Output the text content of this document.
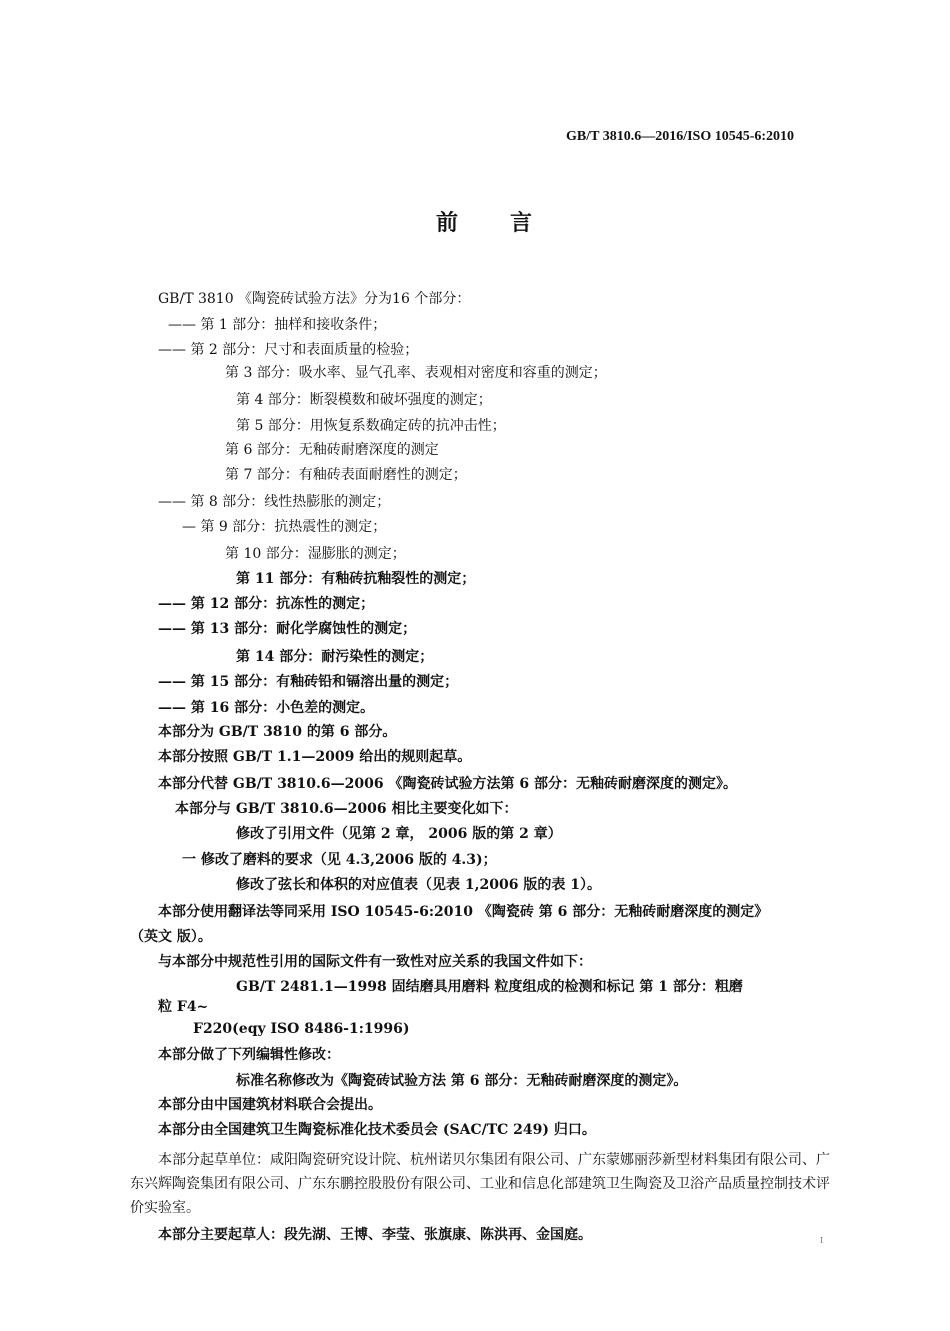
GB/T 3810.6—2016/ISO 10545-6:2010
前言
GB/T 3810 《陶瓷砖试验方法》分为16 个部分：
—— 第 1 部分：抽样和接收条件；
—— 第 2 部分：尺寸和表面质量的检验；
第 3 部分：吸水率、显气孔率、表观相对密度和容重的测定；
第 4 部分：断裂模数和破坏强度的测定；
第 5 部分：用恢复系数确定砖的抗冲击性；
第 6 部分：无釉砖耐磨深度的测定
第 7 部分：有釉砖表面耐磨性的测定；
—— 第 8 部分：线性热膨胀的测定；
— 第 9 部分：抗热震性的测定；
第 10 部分：湿膨胀的测定；
第 11 部分：有釉砖抗釉裂性的测定；
—— 第 12 部分：抗冻性的测定；
—— 第 13 部分：耐化学腐蚀性的测定；
第 14 部分：耐污染性的测定；
—— 第 15 部分：有釉砖铅和镉溶出量的测定；
—— 第 16 部分：小色差的测定。
本部分为 GB/T 3810 的第 6 部分。
本部分按照 GB/T 1.1—2009 给出的规则起草。
本部分代替 GB/T 3810.6—2006 《陶瓷砖试验方法第 6 部分：无釉砖耐磨深度的测定》。
本部分与 GB/T 3810.6—2006 相比主要变化如下：
修改了引用文件（见第 2 章， 2006 版的第 2 章）
一 修改了磨料的要求（见 4.3,2006 版的 4.3)；
修改了弦长和体积的对应值表（见表 1,2006 版的表 1）。
本部分使用翻译法等同采用 ISO 10545-6:2010 《陶瓷砖 第 6 部分：无釉砖耐磨深度的测定》
（英文 版）。
与本部分中规范性引用的国际文件有一致性对应关系的我国文件如下：
GB/T 2481.1—1998 固结磨具用磨料 粒度组成的检测和标记 第 1 部分：粗磨
粒 F4~
F220(eqy ISO 8486-1:1996)
本部分做了下列编辑性修改：
标准名称修改为《陶瓷砖试验方法 第 6 部分：无釉砖耐磨深度的测定》。
本部分由中国建筑材料联合会提出。
本部分由全国建筑卫生陶瓷标准化技术委员会 (SAC/TC 249) 归口。
本部分起草单位：咸阳陶瓷研究设计院、杭州诺贝尔集团有限公司、广东蒙娜丽莎新型材料集团有限公司、广东兴辉陶瓷集团有限公司、广东东鹏控股股份有限公司、工业和信息化部建筑卫生陶瓷及卫浴产品质量控制技术评价实验室。
本部分主要起草人：段先湖、王博、李莹、张旗康、陈洪再、金国庭。	I
